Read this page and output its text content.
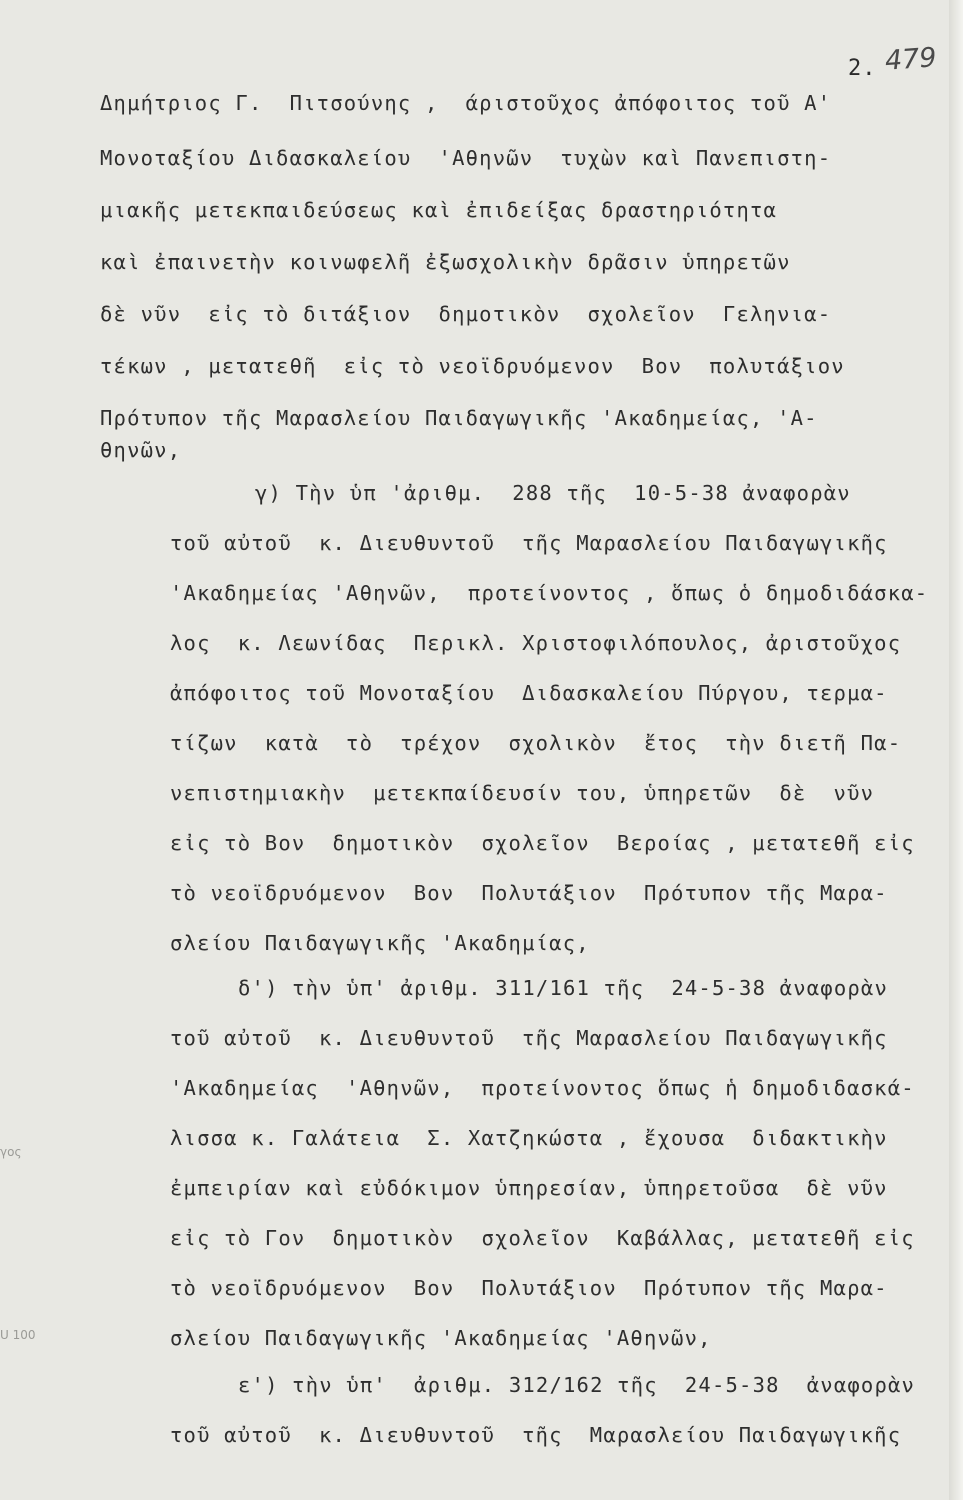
2. 479
γος
U 100
Δημήτριος Γ.  Πιτσούνης ,  άριστοῦχος ἀπόφοιτος τοῦ Α'
Μονοταξίου Διδασκαλείου  'Αθηνῶν  τυχὼν καὶ Πανεπιστη-
μιακῆς μετεκπαιδεύσεως καὶ ἐπιδείξας δραστηριότητα
καὶ ἐπαινετὴν κοινωφελῆ ἐξωσχολικὴν δρᾶσιν ὑπηρετῶν
δὲ νῦν  εἰς τὸ διτάξιον  δημοτικὸν  σχολεῖον  Γεληνια-
τέκων , μετατεθῆ  εἰς τὸ νεοϊδρυόμενον  Βον  πολυτάξιον
Πρότυπον τῆς Μαρασλείου Παιδαγωγικῆς 'Ακαδημείας, 'Α-
θηνῶν,
γ) Τὴν ὑπ 'ἀριθμ.  288 τῆς  10-5-38 ἀναφορὰν
τοῦ αὐτοῦ  κ. Διευθυντοῦ  τῆς Μαρασλείου Παιδαγωγικῆς
'Ακαδημείας 'Αθηνῶν,  προτείνοντος , ὅπως ὁ δημοδιδάσκα-
λος  κ. Λεωνίδας  Περικλ. Χριστοφιλόπουλος, ἀριστοῦχος
ἀπόφοιτος τοῦ Μονοταξίου  Διδασκαλείου Πύργου, τερμα-
τίζων  κατὰ  τὸ  τρέχον  σχολικὸν  ἔτος  τὴν διετῆ Πα-
νεπιστημιακὴν  μετεκπαίδευσίν του, ὑπηρετῶν  δὲ  νῦν
εἰς τὸ Βον  δημοτικὸν  σχολεῖον  Βεροίας , μετατεθῆ εἰς
τὸ νεοϊδρυόμενον  Βον  Πολυτάξιον  Πρότυπον τῆς Μαρα-
σλείου Παιδαγωγικῆς 'Ακαδημίας,
δ') τὴν ὑπ' ἀριθμ. 311/161 τῆς  24-5-38 ἀναφορὰν
τοῦ αὐτοῦ  κ. Διευθυντοῦ  τῆς Μαρασλείου Παιδαγωγικῆς
'Ακαδημείας  'Αθηνῶν,  προτείνοντος ὅπως ἡ δημοδιδασκά-
λισσα κ. Γαλάτεια  Σ. Χατζηκώστα , ἔχουσα  διδακτικὴν
ἐμπειρίαν καὶ εὐδόκιμον ὑπηρεσίαν, ὑπηρετοῦσα  δὲ νῦν
εἰς τὸ Γον  δημοτικὸν  σχολεῖον  Καβάλλας, μετατεθῆ εἰς
τὸ νεοϊδρυόμενον  Βον  Πολυτάξιον  Πρότυπον τῆς Μαρα-
σλείου Παιδαγωγικῆς 'Ακαδημείας 'Αθηνῶν,
ε') τὴν ὑπ'  ἀριθμ. 312/162 τῆς  24-5-38  ἀναφορὰν
τοῦ αὐτοῦ  κ. Διευθυντοῦ  τῆς  Μαρασλείου Παιδαγωγικῆς
